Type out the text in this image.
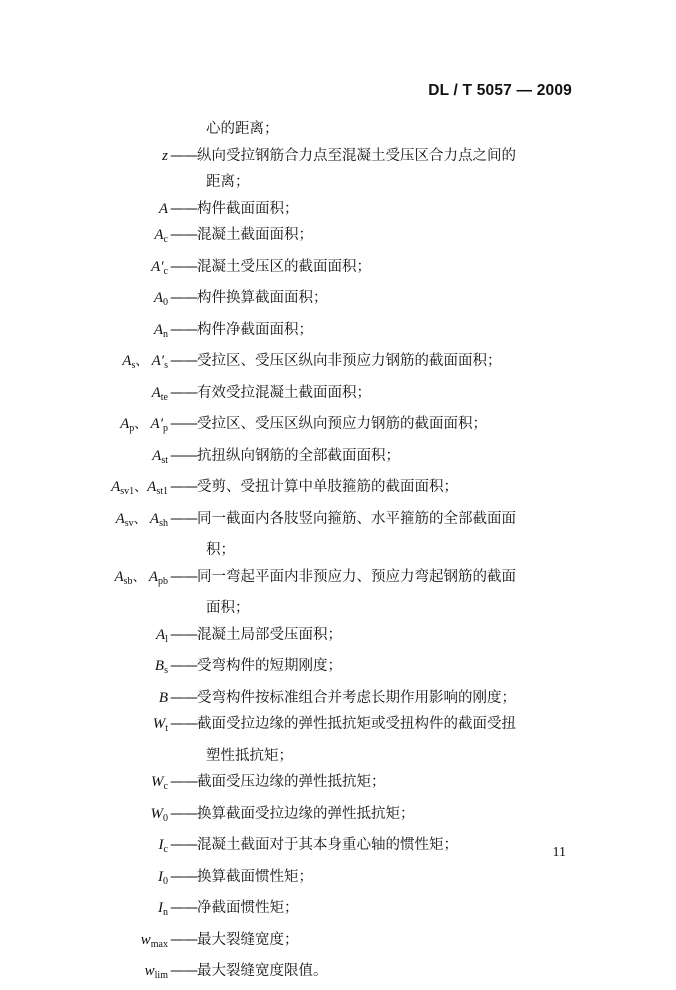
DL / T 5057 — 2009
心的距离；
z —— 纵向受拉钢筋合力点至混凝土受压区合力点之间的
距离；
A —— 构件截面面积；
$A_c$ —— 混凝土截面面积；
$A'_c$ —— 混凝土受压区的截面面积；
$A_0$ —— 构件换算截面面积；
$A_n$ —— 构件净截面面积；
$A_s$、 $A'_s$ —— 受拉区、受压区纵向非预应力钢筋的截面面积；
$A_{te}$ —— 有效受拉混凝土截面面积；
$A_p$、 $A'_p$ —— 受拉区、受压区纵向预应力钢筋的截面面积；
$A_{st}$ —— 抗扭纵向钢筋的全部截面面积；
$A_{sv1}$、$A_{st1}$ —— 受剪、受扭计算中单肢箍筋的截面面积；
$A_{sv}$、 $A_{sh}$ —— 同一截面内各肢竖向箍筋、水平箍筋的全部截面面
积；
$A_{sb}$、 $A_{pb}$ —— 同一弯起平面内非预应力、预应力弯起钢筋的截面
面积；
$A_l$ —— 混凝土局部受压面积；
$B_s$ —— 受弯构件的短期刚度；
B —— 受弯构件按标准组合并考虑长期作用影响的刚度；
$W_t$ —— 截面受拉边缘的弹性抵抗矩或受扭构件的截面受扭
塑性抵抗矩；
$W_c$ —— 截面受压边缘的弹性抵抗矩；
$W_0$ —— 换算截面受拉边缘的弹性抵抗矩；
$I_c$ —— 混凝土截面对于其本身重心轴的惯性矩；
$I_0$ —— 换算截面惯性矩；
$I_n$ —— 净截面惯性矩；
$w_{max}$ —— 最大裂缝宽度；
$w_{lim}$ —— 最大裂缝宽度限值。
11
